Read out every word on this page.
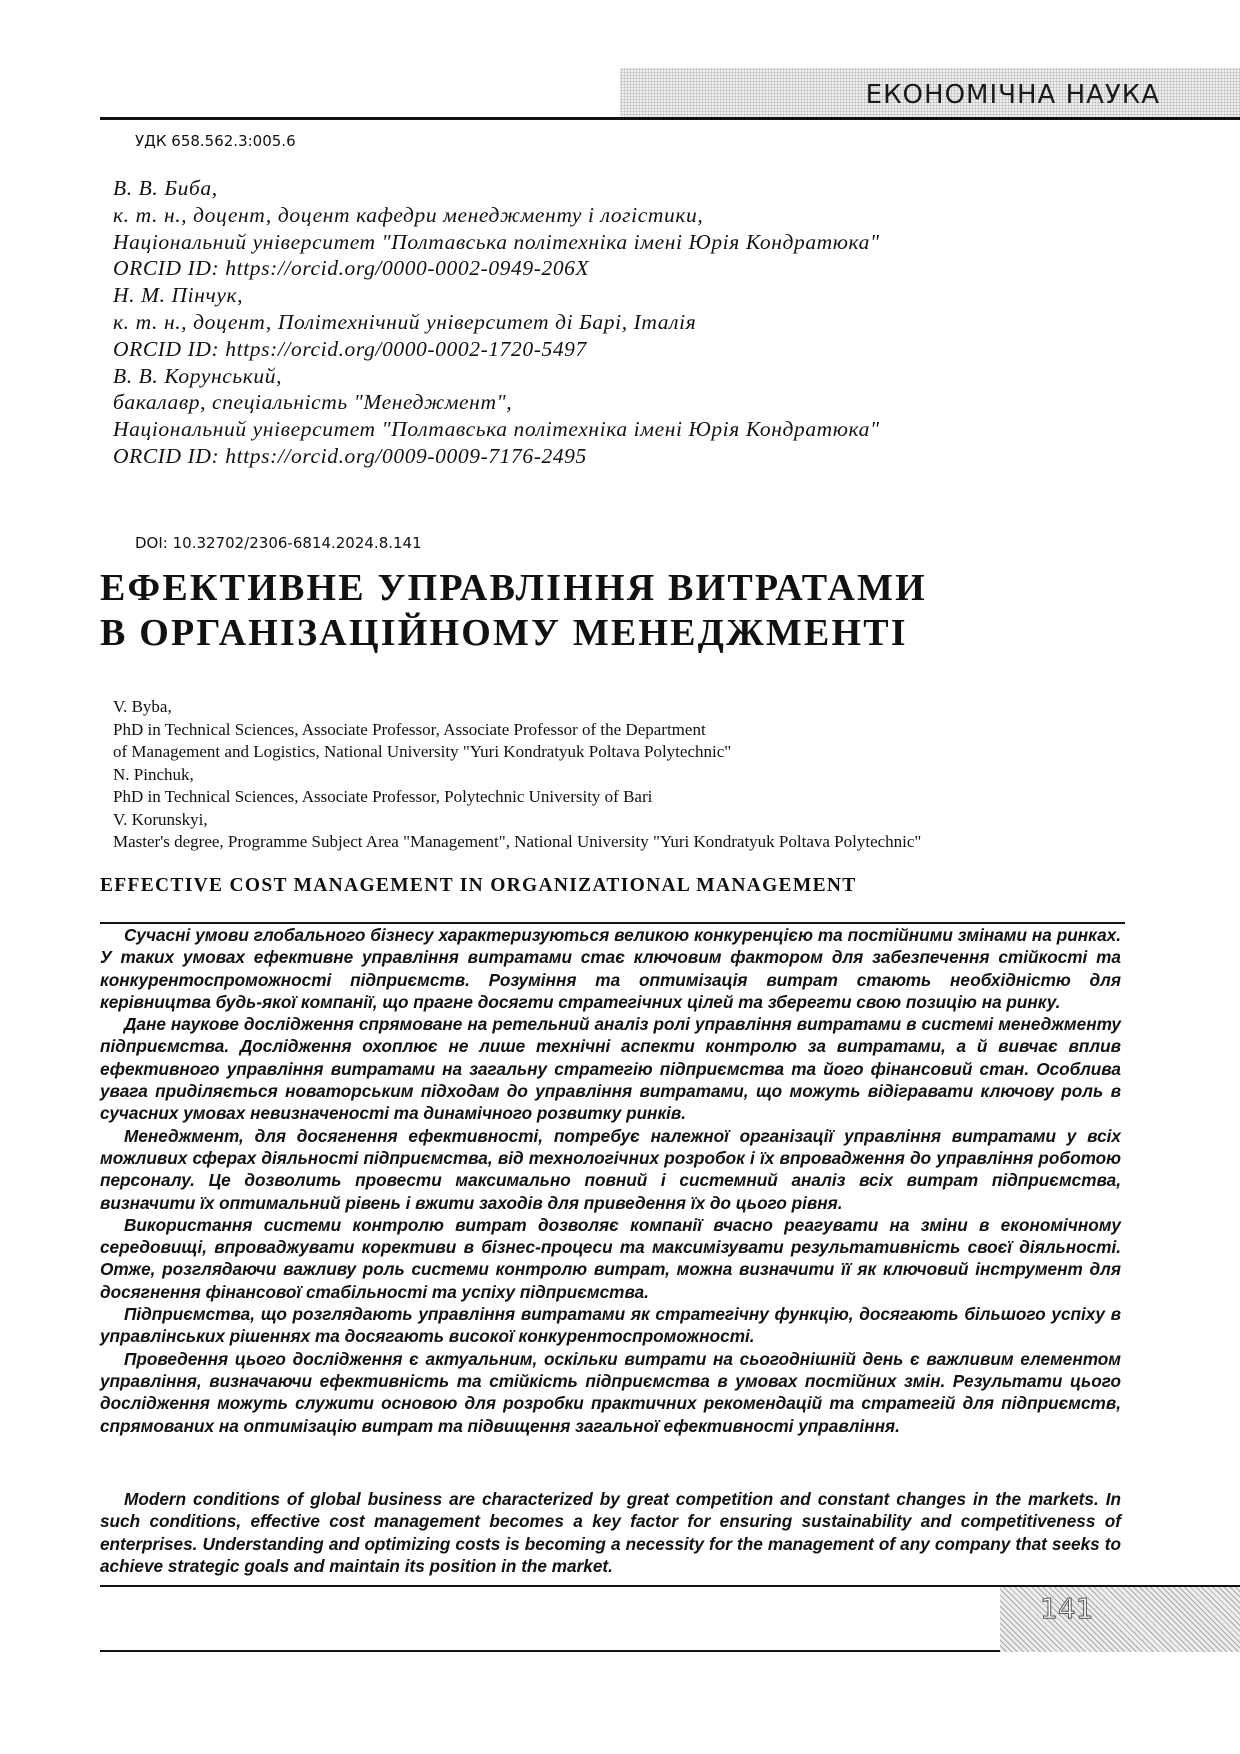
ЕКОНОМІЧНА НАУКА
УДК 658.562.3:005.6
В. В. Биба,
к. т. н., доцент, доцент кафедри менеджменту і логістики,
Національний університет "Полтавська політехніка імені Юрія Кондратюка"
ORCID ID: https://orcid.org/0000-0002-0949-206X
Н. М. Пінчук,
к. т. н., доцент, Політехнічний університет ді Барі, Італія
ORCID ID: https://orcid.org/0000-0002-1720-5497
В. В. Корунський,
бакалавр, спеціальність "Менеджмент",
Національний університет "Полтавська політехніка імені Юрія Кондратюка"
ORCID ID: https://orcid.org/0009-0009-7176-2495
DOI: 10.32702/2306-6814.2024.8.141
ЕФЕКТИВНЕ УПРАВЛІННЯ ВИТРАТАМИ
В ОРГАНІЗАЦІЙНОМУ МЕНЕДЖМЕНТІ
V. Byba,
PhD in Technical Sciences, Associate Professor, Associate Professor of the Department
of Management and Logistics, National University "Yuri Kondratyuk Poltava Polytechnic"
N. Pinchuk,
PhD in Technical Sciences, Associate Professor, Polytechnic University of Bari
V. Korunskyi,
Master's degree, Programme Subject Area "Management", National University "Yuri Kondratyuk Poltava Polytechnic"
EFFECTIVE COST MANAGEMENT IN ORGANIZATIONAL MANAGEMENT

Сучасні умови глобального бізнесу характеризуються великою конкуренцією та постійними змінами на ринках. У таких умовах ефективне управління витратами стає ключовим фактором для забезпечення стійкості та конкурентоспроможності підприємств. Розуміння та оптимізація витрат стають необхідністю для керівництва будь-якої компанії, що прагне досягти стратегічних цілей та зберегти свою позицію на ринку.

Дане наукове дослідження спрямоване на ретельний аналіз ролі управління витратами в системі менеджменту підприємства. Дослідження охоплює не лише технічні аспекти контролю за витратами, а й вивчає вплив ефективного управління витратами на загальну стратегію підприємства та його фінансовий стан. Особлива увага приділяється новаторським підходам до управління витратами, що можуть відігравати ключову роль в сучасних умовах невизначеності та динамічного розвитку ринків.

Менеджмент, для досягнення ефективності, потребує належної організації управління витратами у всіх можливих сферах діяльності підприємства, від технологічних розробок і їх впровадження до управління роботою персоналу. Це дозволить провести максимально повний і системний аналіз всіх витрат підприємства, визначити їх оптимальний рівень і вжити заходів для приведення їх до цього рівня.

Використання системи контролю витрат дозволяє компанії вчасно реагувати на зміни в економічному середовищі, впроваджувати корективи в бізнес-процеси та максимізувати результативність своєї діяльності. Отже, розглядаючи важливу роль системи контролю витрат, можна визначити її як ключовий інструмент для досягнення фінансової стабільності та успіху підприємства.

Підприємства, що розглядають управління витратами як стратегічну функцію, досягають більшого успіху в управлінських рішеннях та досягають високої конкурентоспроможності.

Проведення цього дослідження є актуальним, оскільки витрати на сьогоднішній день є важливим елементом управління, визначаючи ефективність та стійкість підприємства в умовах постійних змін. Результати цього дослідження можуть служити основою для розробки практичних рекомендацій та стратегій для підприємств, спрямованих на оптимізацію витрат та підвищення загальної ефективності управління.

Modern conditions of global business are characterized by great competition and constant changes in the markets. In such conditions, effective cost management becomes a key factor for ensuring sustainability and competitiveness of enterprises. Understanding and optimizing costs is becoming a necessity for the management of any company that seeks to achieve strategic goals and maintain its position in the market.

141
